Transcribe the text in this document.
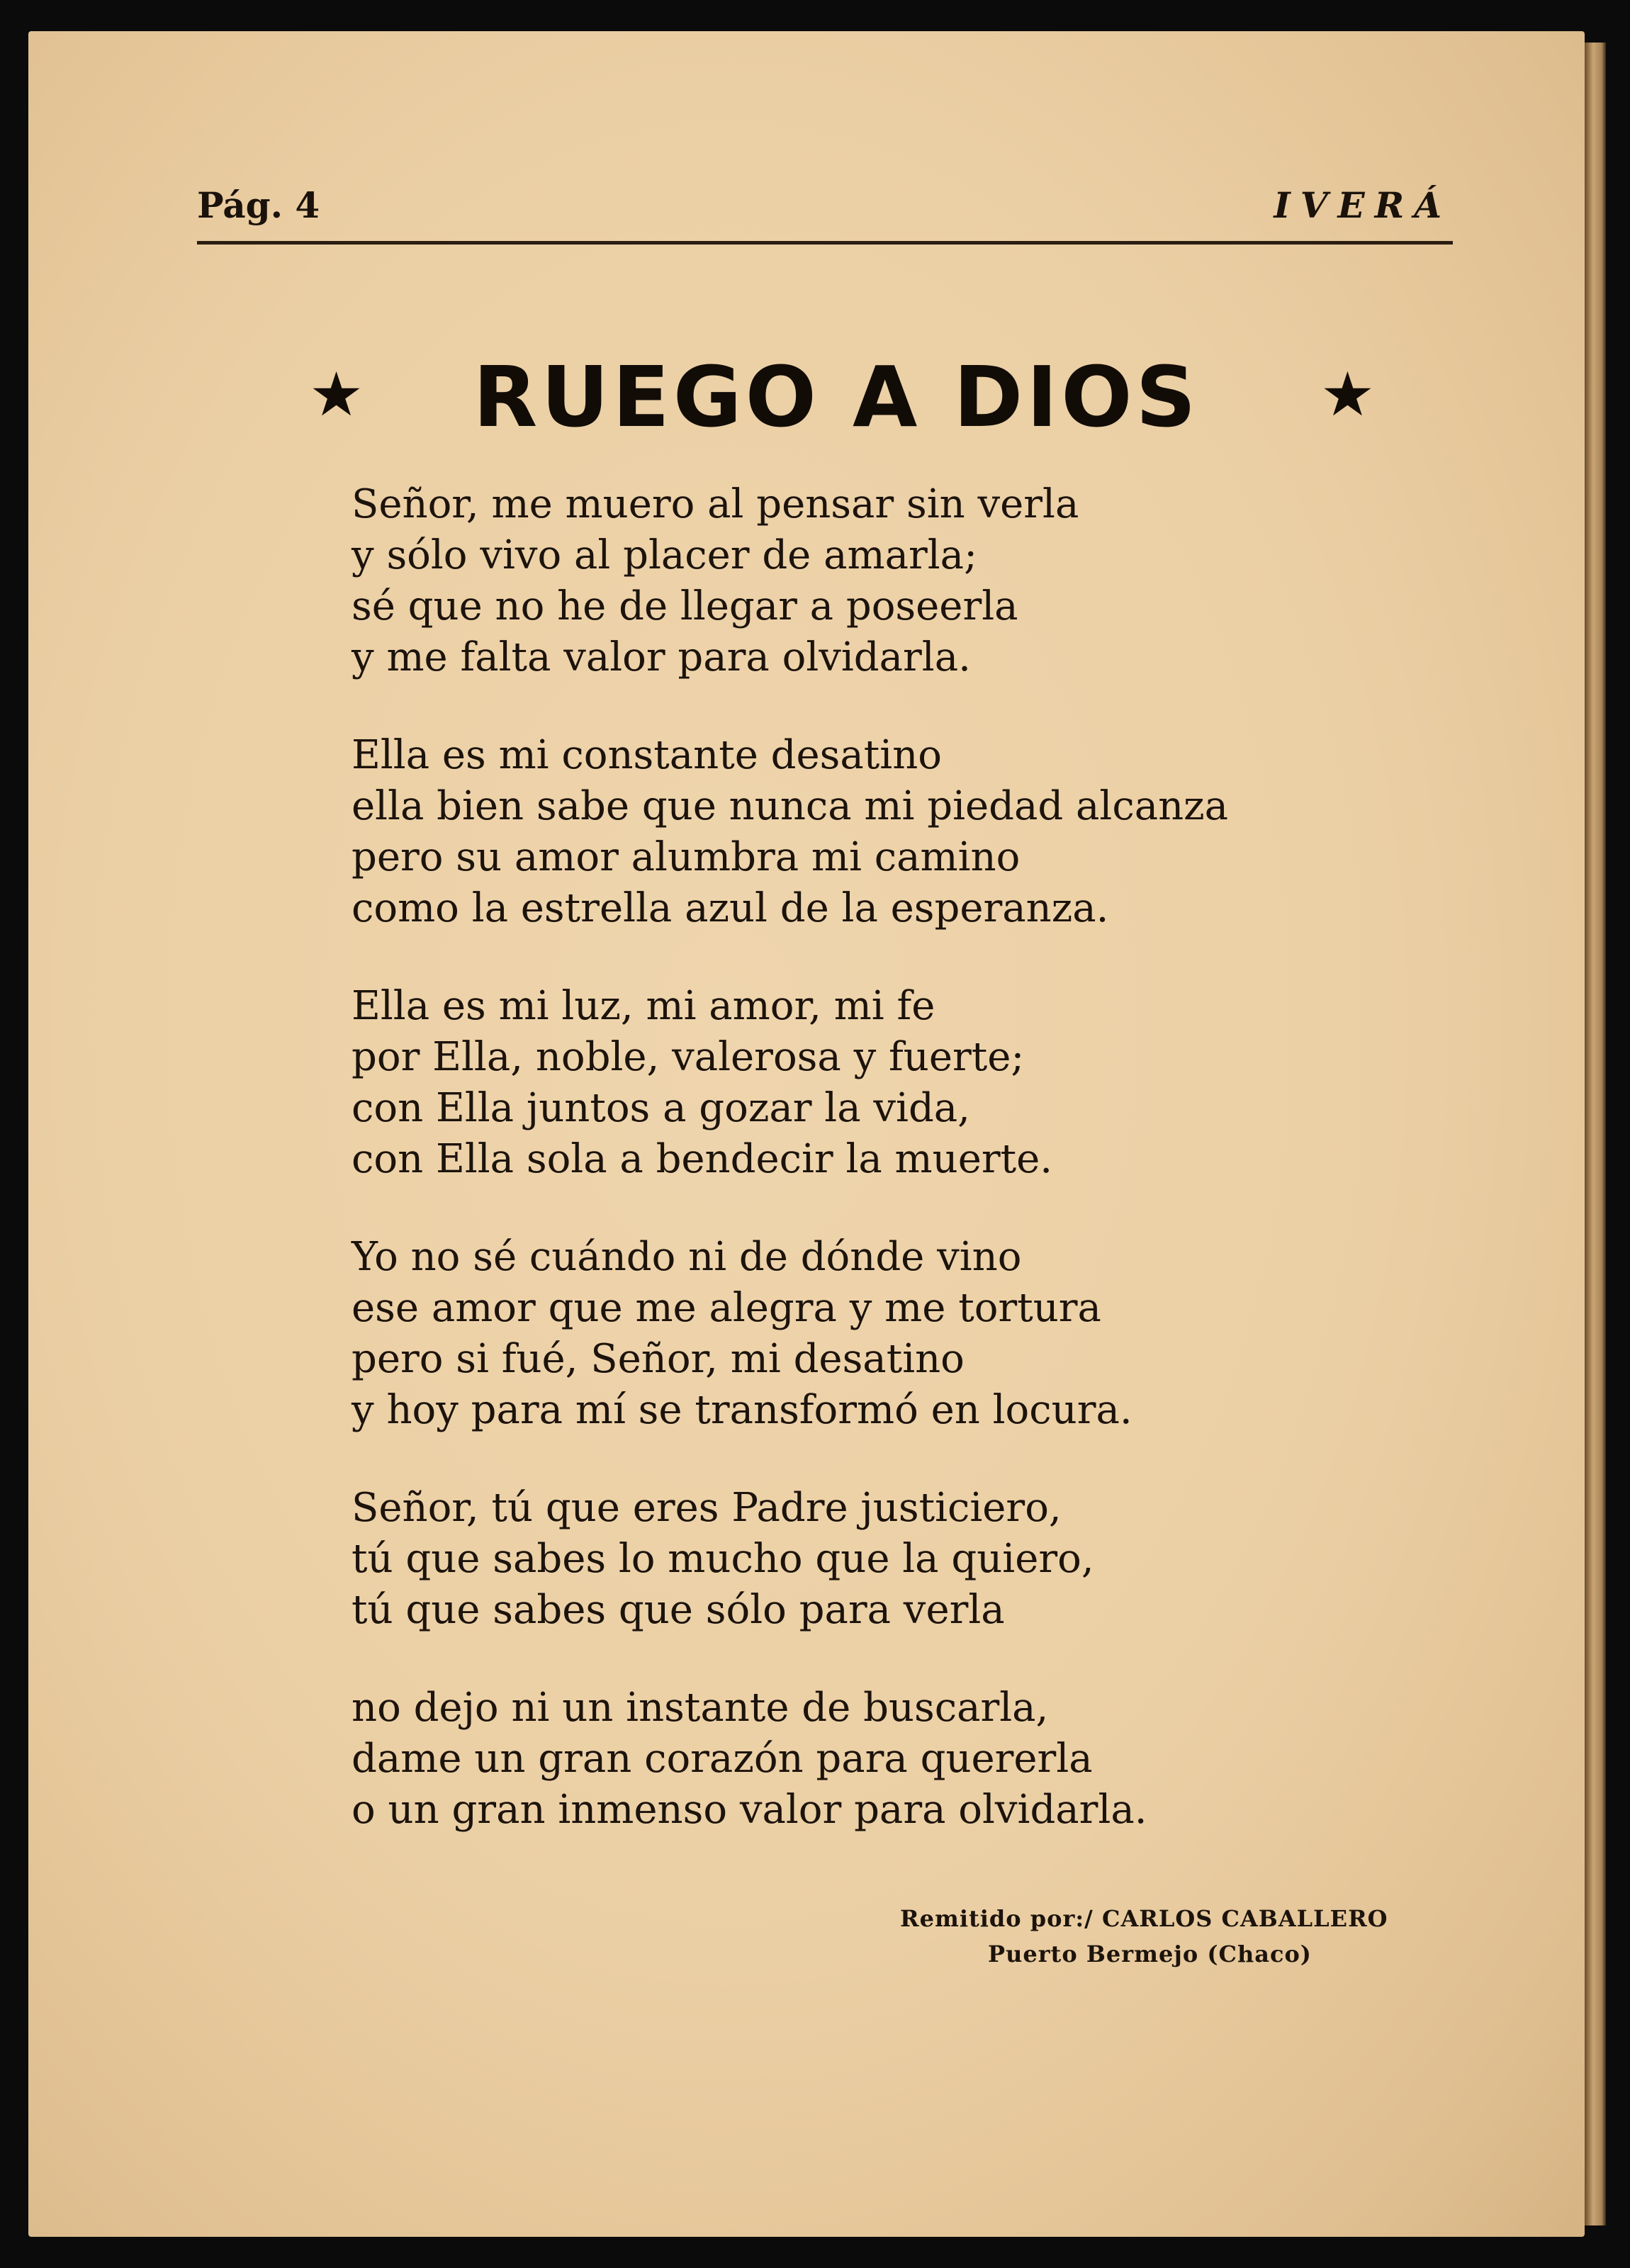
Pág. 4	IVERÁ
★ RUEGO A DIOS	★
Señor, me muero al pensar sin verla
y sólo vivo al placer de amarla;
sé que no he de llegar a poseerla
y me falta valor para olvidarla.
Ella es mi constante desatino
ella bien sabe que nunca mi piedad alcanza
pero su amor alumbra mi camino
como la estrella azul de la esperanza.
Ella es mi luz, mi amor, mi fe
por Ella, noble, valerosa y fuerte;
con Ella juntos a gozar la vida,
con Ella sola a bendecir la muerte.
Yo no sé cuándo ni de dónde vino
ese amor que me alegra y me tortura
pero si fué, Señor, mi desatino
y hoy para mí se transformó en locura.
Señor, tú que eres Padre justiciero,
tú que sabes lo mucho que la quiero,
tú que sabes que sólo para verla
no dejo ni un instante de buscarla,
dame un gran corazón para quererla
o un gran inmenso valor para olvidarla.
Remitido por:/ CARLOS CABALLERO
Puerto Bermejo (Chaco)
